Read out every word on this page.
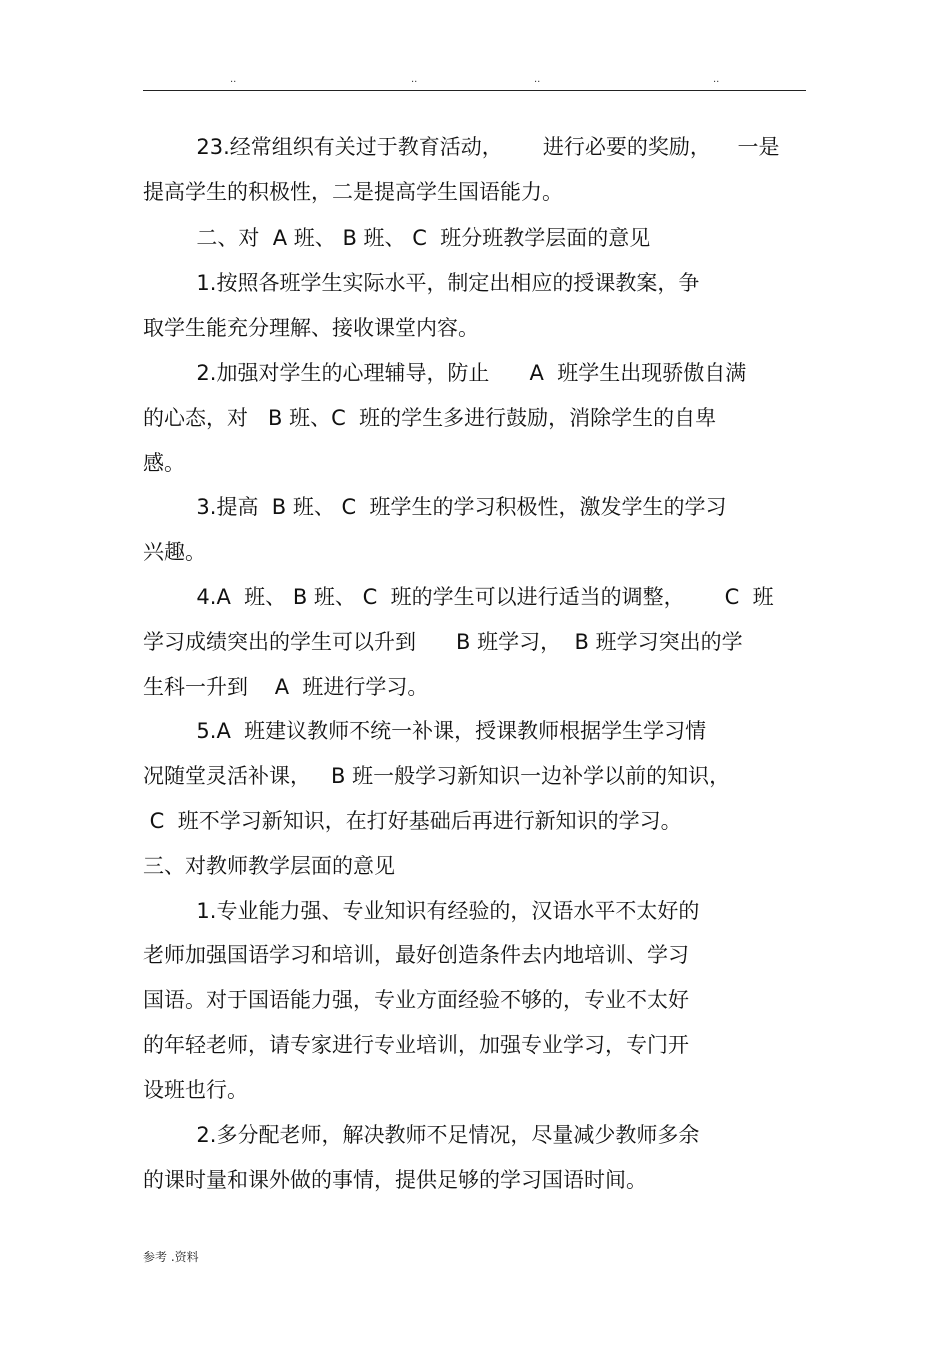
..	..	..	..
23.经常组织有关过于教育活动，      进行必要的奖励，    一是
提高学生的积极性，二是提高学生国语能力。
二、对  A 班、 B 班、 C  班分班教学层面的意见
1.按照各班学生实际水平，制定出相应的授课教案，争
取学生能充分理解、接收课堂内容。
2.加强对学生的心理辅导，防止      A  班学生出现骄傲自满
的心态，对   B 班、C  班的学生多进行鼓励，消除学生的自卑
感。
3.提高  B 班、 C  班学生的学习积极性，激发学生的学习
兴趣。
4.A  班、 B 班、 C  班的学生可以进行适当的调整，      C  班
学习成绩突出的学生可以升到      B 班学习，  B 班学习突出的学
生科一升到    A  班进行学习。
5.A  班建议教师不统一补课，授课教师根据学生学习情
况随堂灵活补课，   B 班一般学习新知识一边补学以前的知识，
C  班不学习新知识，在打好基础后再进行新知识的学习。
三、对教师教学层面的意见
1.专业能力强、专业知识有经验的，汉语水平不太好的
老师加强国语学习和培训，最好创造条件去内地培训、学习
国语。对于国语能力强，专业方面经验不够的，专业不太好
的年轻老师，请专家进行专业培训，加强专业学习，专门开
设班也行。
2.多分配老师，解决教师不足情况，尽量减少教师多余
的课时量和课外做的事情，提供足够的学习国语时间。
参考 .资料
